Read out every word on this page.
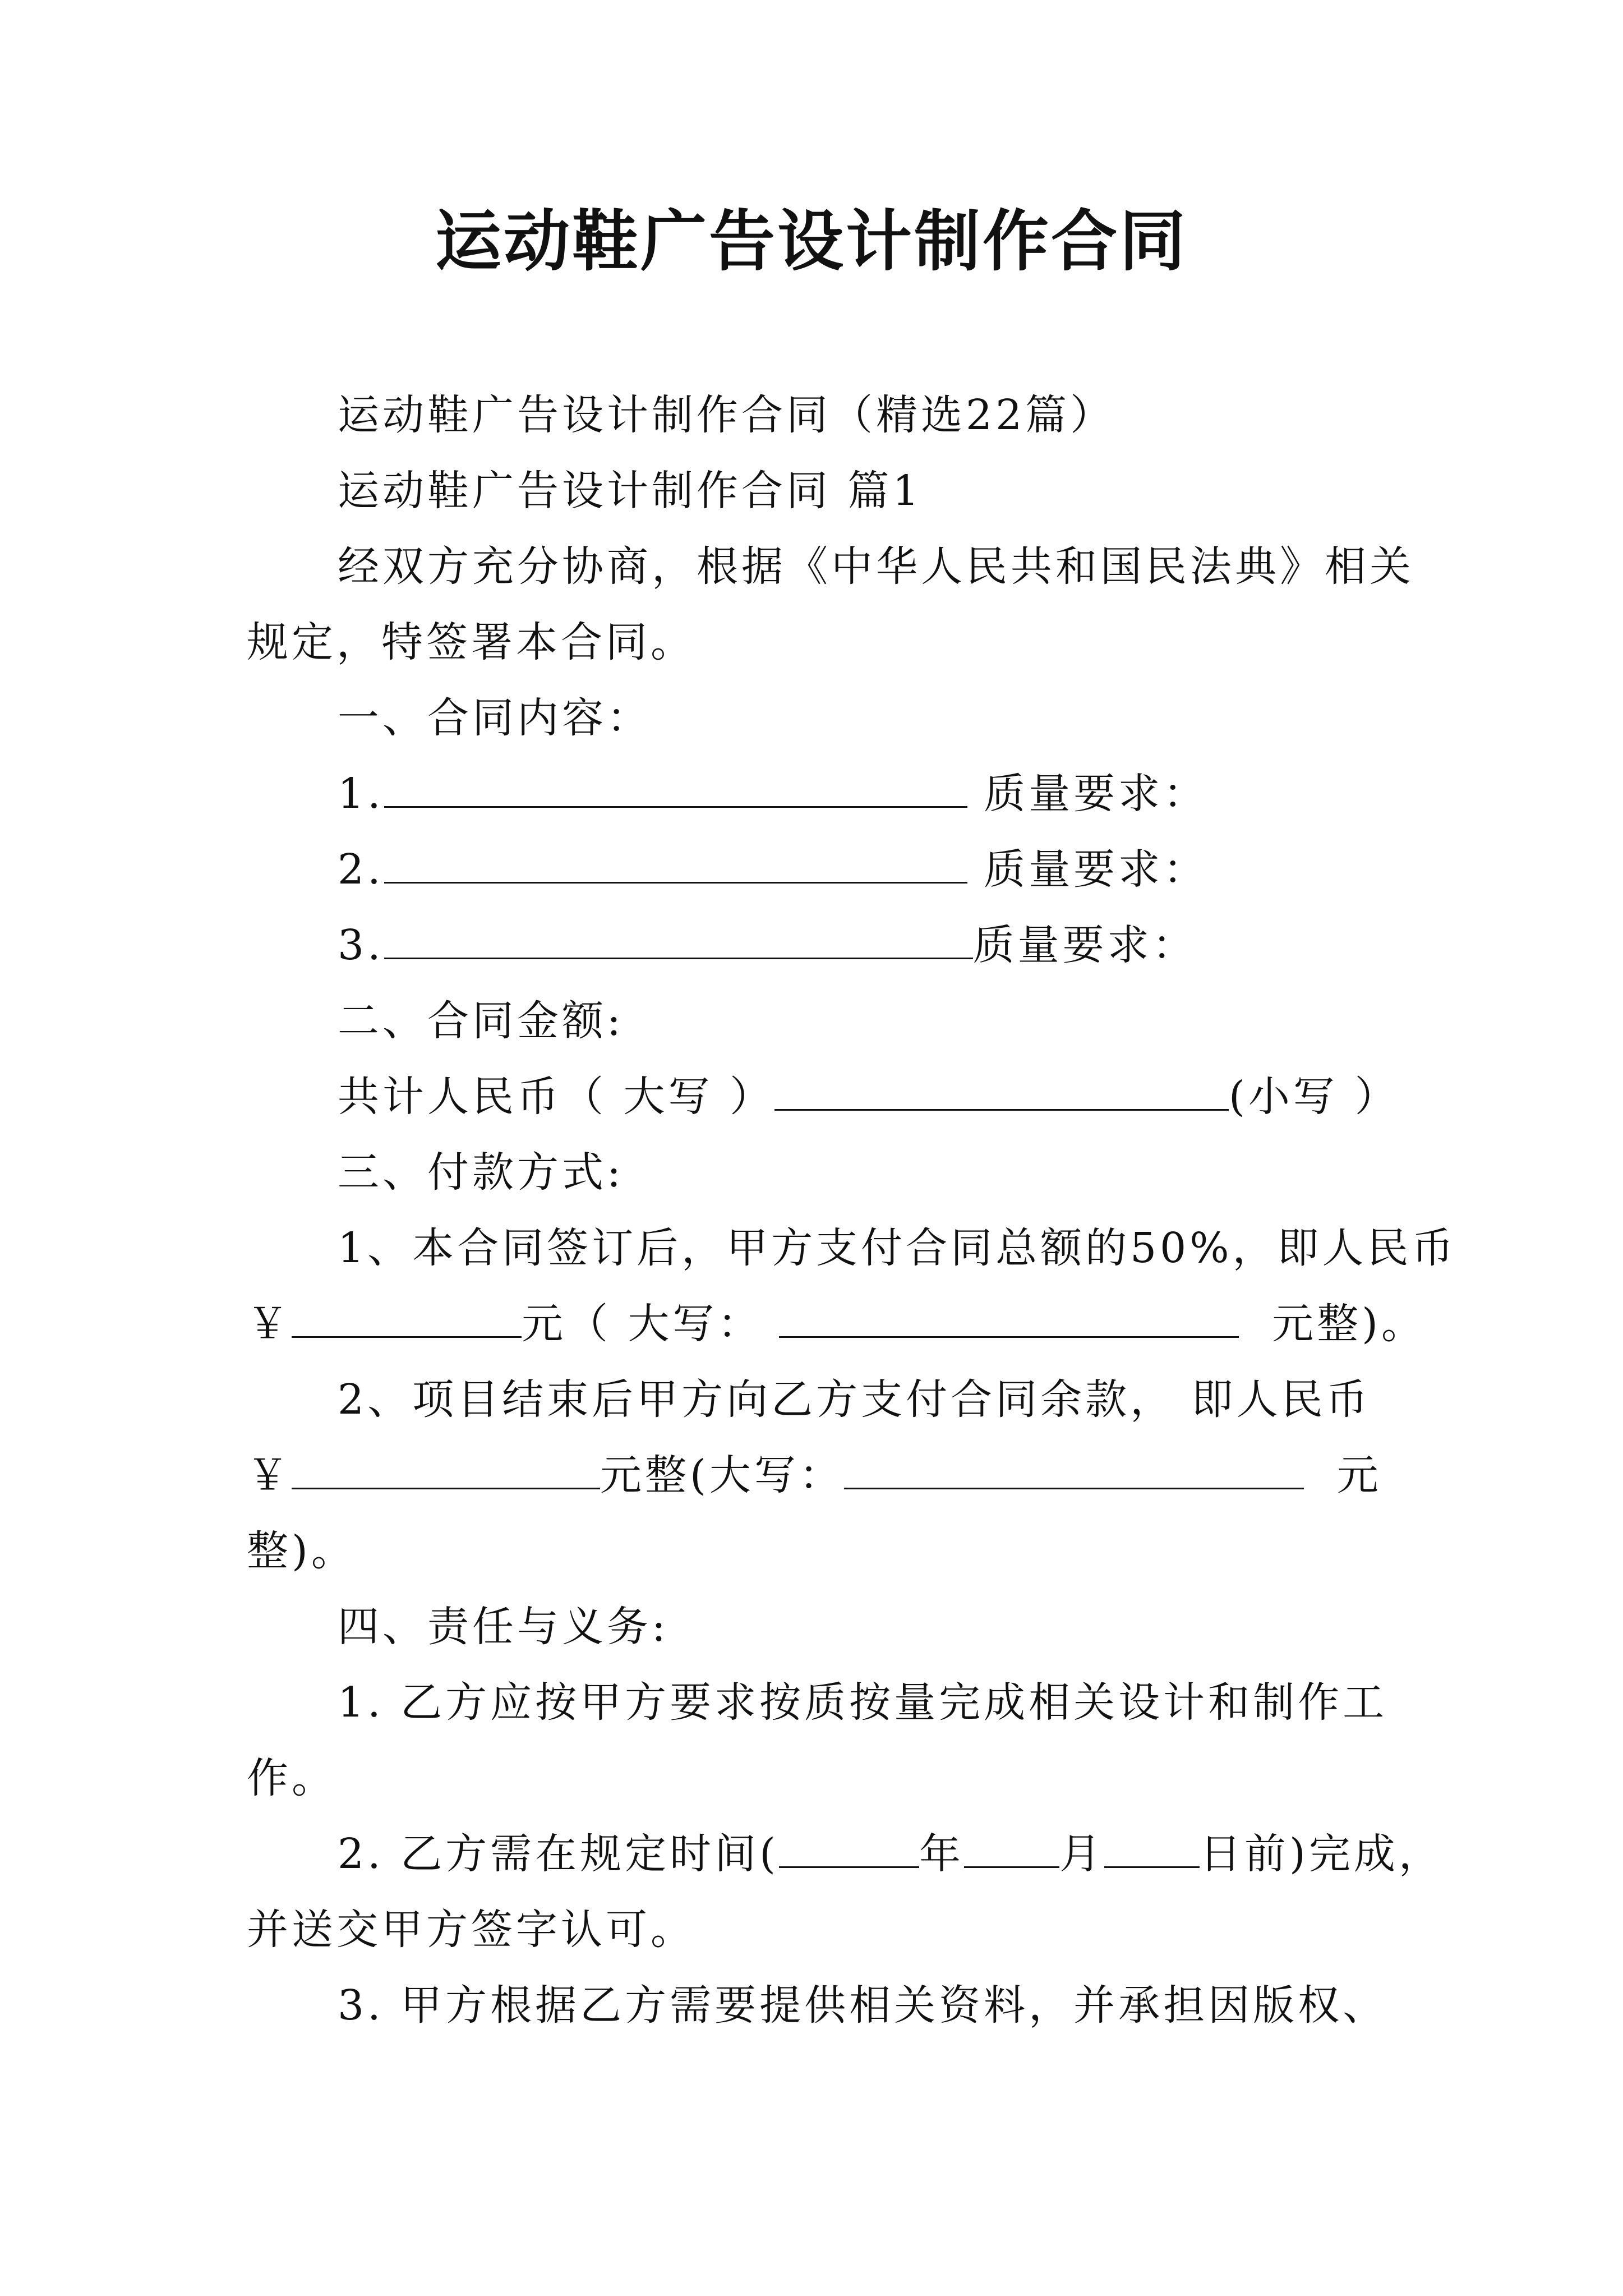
运动鞋广告设计制作合同
运动鞋广告设计制作合同（精选22篇）
运动鞋广告设计制作合同 篇1
经双方充分协商，根据《中华人民共和国民法典》相关
规定，特签署本合同。
一、合同内容：
1.	质量要求：
2.	质量要求：
3.	质量要求：
二、合同金额:
共计人民币（ 大写 ）	(小写 ）
三、付款方式:
1、本合同签订后，甲方支付合同总额的50%，即人民币
￥	元（ 大写：	元整)。
2、项目结束后甲方向乙方支付合同余款， 即人民币
￥	元整(大写：	元
整)。
四、责任与义务:
1. 乙方应按甲方要求按质按量完成相关设计和制作工
作。
2. 乙方需在规定时间(	年 月 日前)完成，
并送交甲方签字认可。
3. 甲方根据乙方需要提供相关资料，并承担因版权、
